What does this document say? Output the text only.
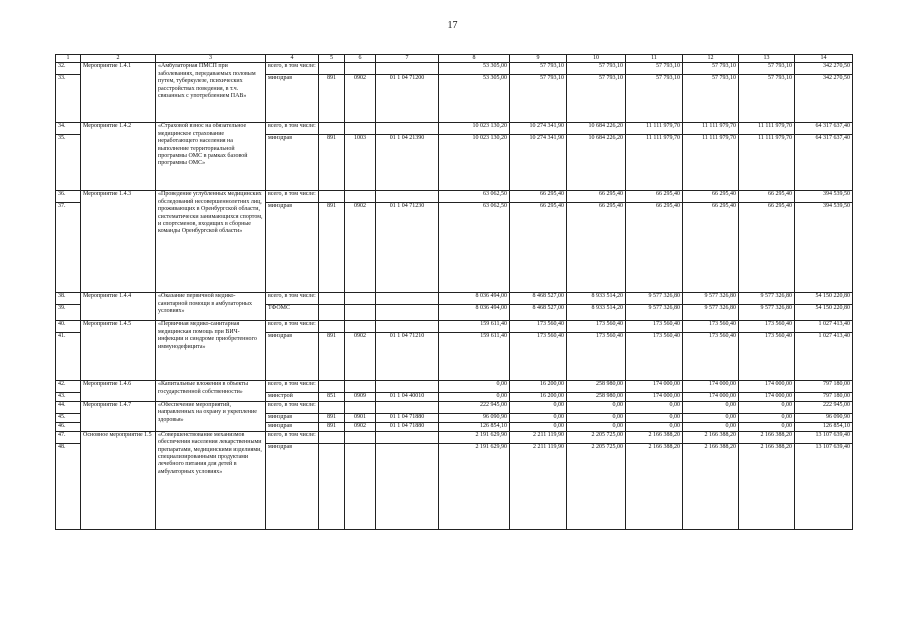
17
1	2	3	4	5	6	7	8	9	10	11	12	13	14
32.	Мероприятие 1.4.1	«Амбулаторная ПМСП при заболеваниях, передаваемых половым путем, туберкулезе, психических расстройствах поведения, в т.ч. связанных с употреблением ПАВ»	всего, в том числе:				53 305,00	57 793,10	57 793,10	57 793,10	57 793,10	57 793,10	342 270,50
33.			минздрав	891	0902	01 1 04 71200	53 305,00	57 793,10	57 793,10	57 793,10	57 793,10	57 793,10	342 270,50
34.	Мероприятие 1.4.2	«Страховой взнос на обязательное медицинское страхование неработающего населения на выполнение территориальной программы ОМС в рамках базовой программы ОМС»	всего, в том числе:				10 023 130,20	10 274 341,90	10 684 226,20	11 111 979,70	11 111 979,70	11 111 979,70	64 317 637,40
35.			минздрав	891	1003	01 1 04 21390	10 023 130,20	10 274 341,90	10 684 226,20	11 111 979,70	11 111 979,70	11 111 979,70	64 317 637,40
36.	Мероприятие 1.4.3	«Проведение углубленных медицинских обследований несовершеннолетних лиц, проживающих в Оренбургской области, систематически занимающихся спортом, и спортсменов, входящих в сборные команды Оренбургской области»	всего, в том числе:				63 062,50	66 295,40	66 295,40	66 295,40	66 295,40	66 295,40	394 539,50
37.			минздрав	891	0902	01 1 04 71230	63 062,50	66 295,40	66 295,40	66 295,40	66 295,40	66 295,40	394 539,50
38.	Мероприятие 1.4.4	«Оказание первичной медико-санитарной помощи в амбулаторных условиях»	всего, в том числе:				8 036 494,00	8 468 527,00	8 933 514,20	9 577 326,80	9 577 326,80	9 577 326,80	54 150 220,80
39.			ТФОМС				8 036 494,00	8 468 527,00	8 933 514,20	9 577 326,80	9 577 326,80	9 577 326,80	54 150 220,80
40.	Мероприятие 1.4.5	«Первичная медико-санитарная медицинская помощь при ВИЧ-инфекции и синдроме приобретенного иммунодефицита»	всего, в том числе:				159 611,40	173 560,40	173 560,40	173 560,40	173 560,40	173 560,40	1 027 413,40
41.			минздрав	891	0902	01 1 04 71210	159 611,40	173 560,40	173 560,40	173 560,40	173 560,40	173 560,40	1 027 413,40
42.	Мероприятие 1.4.6	«Капитальные вложения в объекты государственной собственности»	всего, в том числе:				0,00	16 200,00	258 980,00	174 000,00	174 000,00	174 000,00	797 180,00
43.			минстрой	851	0909	01 1 04 40010	0,00	16 200,00	258 980,00	174 000,00	174 000,00	174 000,00	797 180,00
44.	Мероприятие 1.4.7	«Обеспечение мероприятий, направленных на охрану и укрепление здоровья»	всего, в том числе:				222 945,00	0,00	0,00	0,00	0,00	0,00	222 945,00
45.			минздрав	891	0901	01 1 04 71880	96 090,90	0,00	0,00	0,00	0,00	0,00	96 090,90
46.			минздрав	891	0902	01 1 04 71880	126 854,10	0,00	0,00	0,00	0,00	0,00	126 854,10
47.	Основное мероприятие 1.5	«Совершенствование механизмов обеспечения населения лекарственными препаратами, медицинскими изделиями, специализированными продуктами лечебного питания для детей в амбулаторных условиях»	всего, в том числе:				2 191 629,90	2 211 119,90	2 205 725,00	2 166 388,20	2 166 388,20	2 166 388,20	13 107 639,40
48.			минздрав				2 191 629,90	2 211 119,90	2 205 725,00	2 166 388,20	2 166 388,20	2 166 388,20	13 107 639,40
